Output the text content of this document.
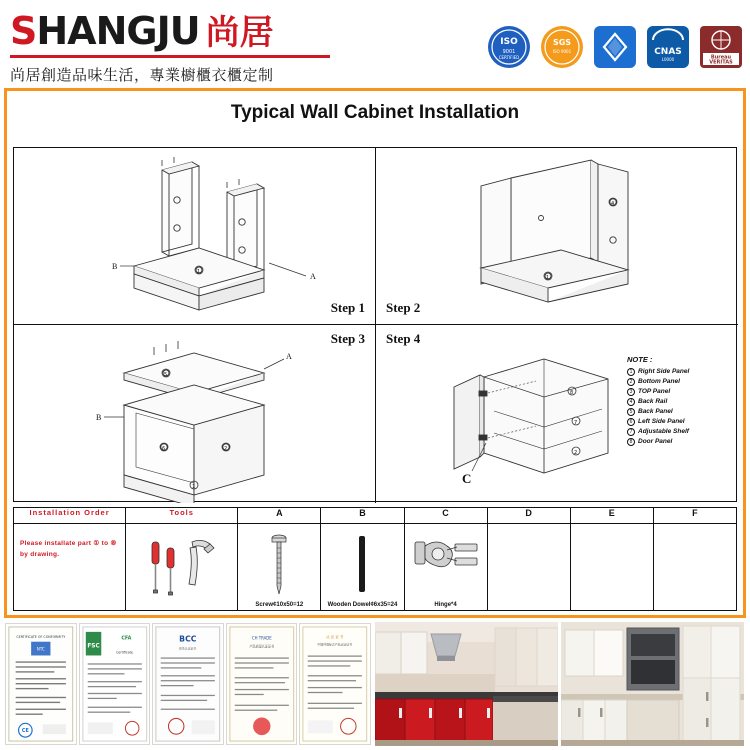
SHANGJU 尚居
尚居創造品味生活，專業櫥櫃衣櫃定制
ISO
9001
CERTIFIED
SGS
ISO 9001	CNAS
L0000	Bureau
VERITAS
Typical Wall Cabinet Installation
A
B
1
Step 1
1
4
Step 2
A
B
5
6	2
1
Step 3
C
8
7
2
Step 4
NOTE :
1 Right Side Panel
2 Bottom Panel
3 TOP Panel
4 Back Rail
5 Back Panel
6 Left Side Panel
7 Adjustable Shelf
8 Door Panel
Installation Order	Tools	A	B	C	D	E	F

Please installate part ① to ⑧ by drawing.		Screw¢10x50=12	Wooden Dowel¢6x35=24	Hinge*4			

CERTIFICATE OF CONFORMITY
NTC
CE
FSC
CFA
Certificate
BCC
体系认证证书
CH TRADE
产品质量认证证书
认 证 证 书
中国环境标志产品认证证书
